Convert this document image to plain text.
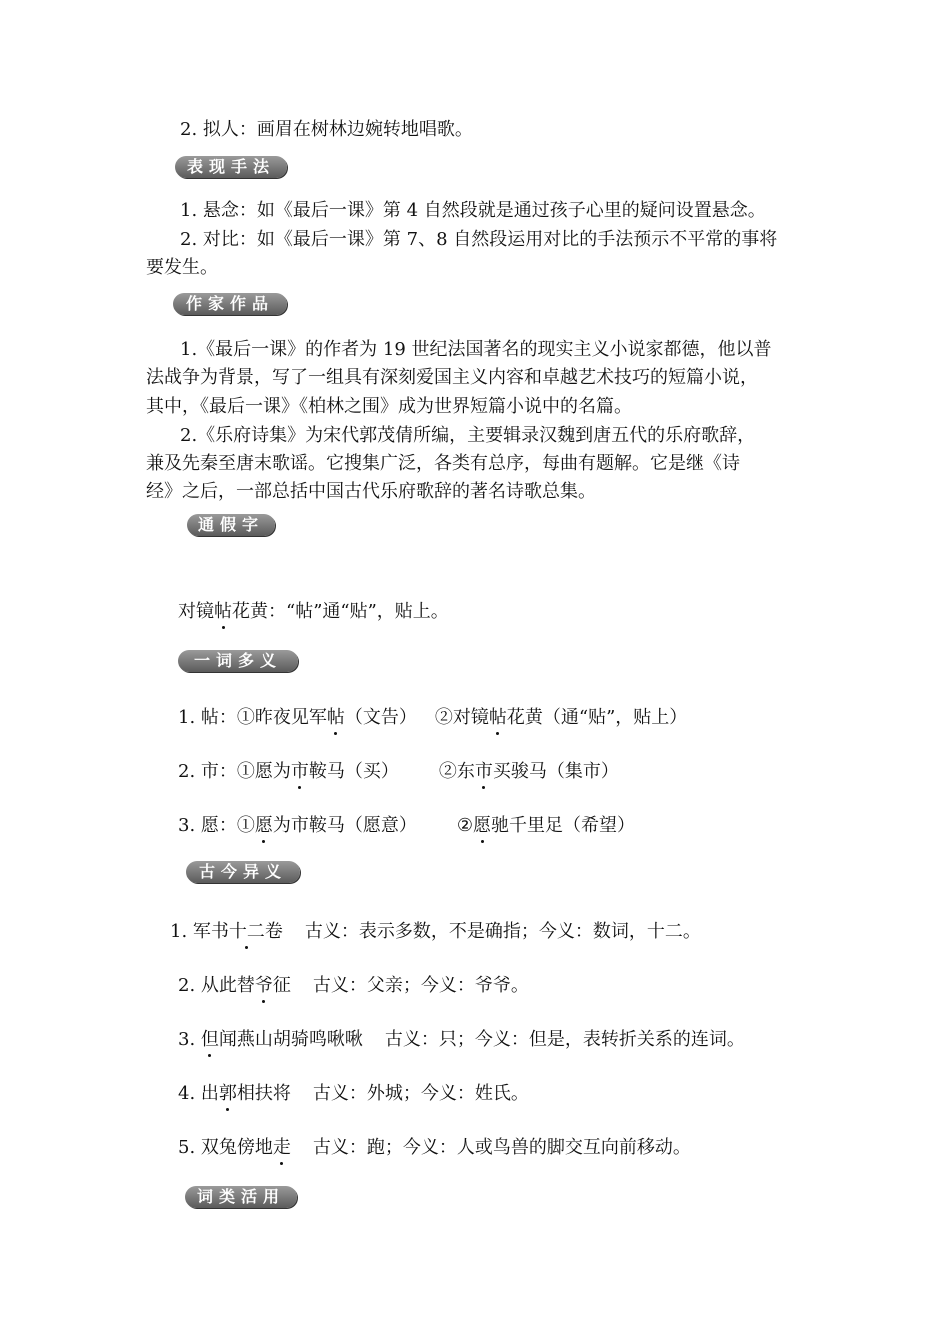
2. 拟人：画眉在树林边婉转地唱歌。
表现手法
1. 悬念：如《最后一课》第 4 自然段就是通过孩子心里的疑问设置悬念。
2. 对比：如《最后一课》第 7、8 自然段运用对比的手法预示不平常的事将
要发生。
作家作品
1.《最后一课》的作者为 19 世纪法国著名的现实主义小说家都德，他以普
法战争为背景，写了一组具有深刻爱国主义内容和卓越艺术技巧的短篇小说，
其中，《最后一课》《柏林之围》成为世界短篇小说中的名篇。
2.《乐府诗集》为宋代郭茂倩所编，主要辑录汉魏到唐五代的乐府歌辞，
兼及先秦至唐末歌谣。它搜集广泛，各类有总序，每曲有题解。它是继《诗
经》之后，一部总括中国古代乐府歌辞的著名诗歌总集。
通假字
对镜帖花黄：“帖”通“贴”，贴上。
一词多义
1. 帖：①昨夜见军帖（文告） ②对镜帖花黄（通“贴”，贴上）
2. 市：①愿为市鞍马（买） ②东市买骏马（集市）
3. 愿：①愿为市鞍马（愿意） ②愿驰千里足（希望）
古今异义
1. 军书十二卷 古义：表示多数，不是确指；今义：数词，十二。
2. 从此替爷征 古义：父亲；今义：爷爷。
3. 但闻燕山胡骑鸣啾啾 古义：只；今义：但是，表转折关系的连词。
4. 出郭相扶将 古义：外城；今义：姓氏。
5. 双兔傍地走 古义：跑；今义：人或鸟兽的脚交互向前移动。
词类活用
